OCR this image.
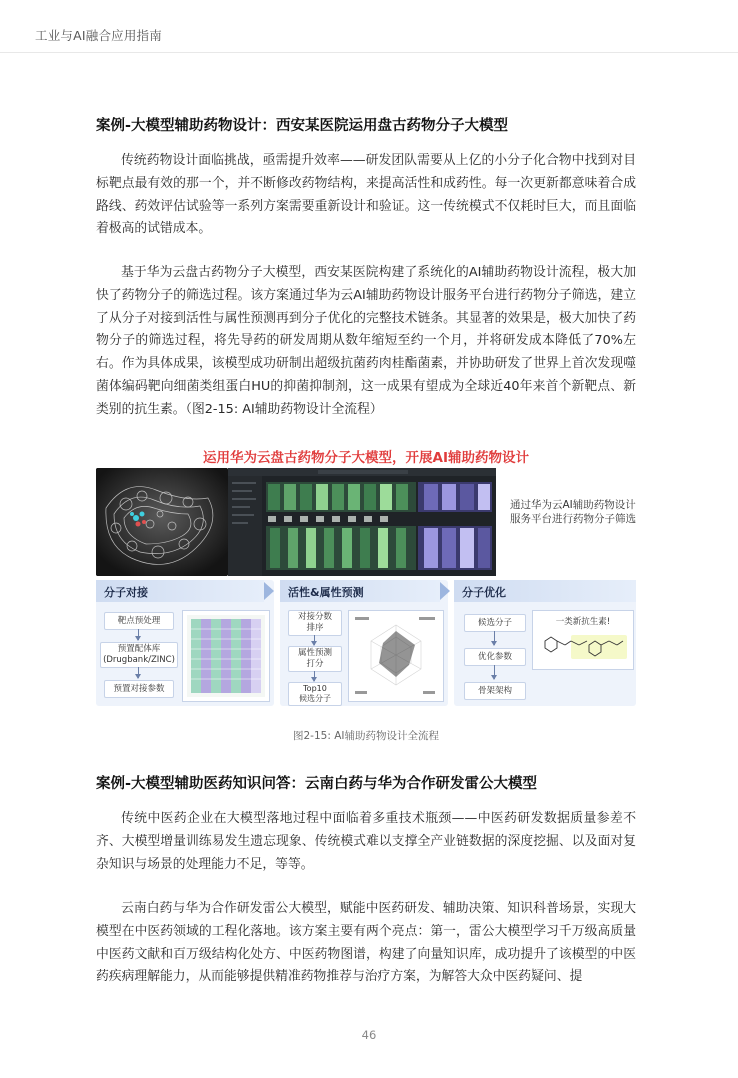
工业与AI融合应用指南
案例-大模型辅助药物设计：西安某医院运用盘古药物分子大模型

传统药物设计面临挑战，亟需提升效率——研发团队需要从上亿的小分子化合物中找到对目标靶点最有效的那一个，并不断修改药物结构，来提高活性和成药性。每一次更新都意味着合成路线、药效评估试验等一系列方案需要重新设计和验证。这一传统模式不仅耗时巨大，而且面临着极高的试错成本。

基于华为云盘古药物分子大模型，西安某医院构建了系统化的AI辅助药物设计流程，极大加快了药物分子的筛选过程。该方案通过华为云AI辅助药物设计服务平台进行药物分子筛选，建立了从分子对接到活性与属性预测再到分子优化的完整技术链条。其显著的效果是，极大加快了药物分子的筛选过程，将先导药的研发周期从数年缩短至约一个月，并将研发成本降低了70%左右。作为具体成果，该模型成功研制出超级抗菌药肉桂酯菌素，并协助研发了世界上首次发现噬菌体编码靶向细菌类组蛋白HU的抑菌抑制剂，这一成果有望成为全球近40年来首个新靶点、新类别的抗生素。（图2-15: AI辅助药物设计全流程）

运用华为云盘古药物分子大模型，开展AI辅助药物设计
通过华为云AI辅助药物设计服务平台进行药物分子筛选
分子对接
靶点预处理
预置配体库
(Drugbank/ZINC)
预置对接参数
活性&属性预测
对接分数
排序
属性预测
打分
Top10
候选分子
分子优化
候选分子
优化参数
骨架架构
一类新抗生素!
图2-15: AI辅助药物设计全流程
案例-大模型辅助医药知识问答：云南白药与华为合作研发雷公大模型

传统中医药企业在大模型落地过程中面临着多重技术瓶颈——中医药研发数据质量参差不齐、大模型增量训练易发生遗忘现象、传统模式难以支撑全产业链数据的深度挖掘、以及面对复杂知识与场景的处理能力不足，等等。

云南白药与华为合作研发雷公大模型，赋能中医药研发、辅助决策、知识科普场景，实现大模型在中医药领域的工程化落地。该方案主要有两个亮点：第一，雷公大模型学习千万级高质量中医药文献和百万级结构化处方、中医药物图谱，构建了向量知识库，成功提升了该模型的中医药疾病理解能力，从而能够提供精准药物推荐与治疗方案，为解答大众中医药疑问、提

46
